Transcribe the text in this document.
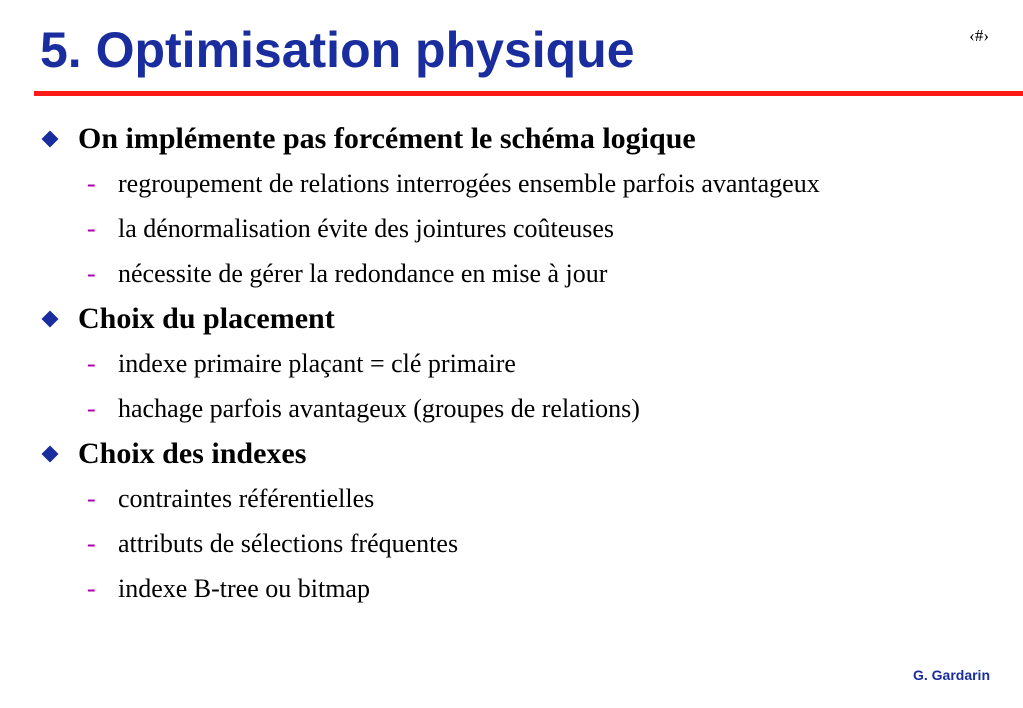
5. Optimisation physique	‹#›
On implémente pas forcément le schéma logique
- regroupement de relations interrogées ensemble parfois avantageux
- la dénormalisation évite des jointures coûteuses
- nécessite de gérer la redondance en mise à jour
Choix du placement
- indexe primaire plaçant = clé primaire
- hachage parfois avantageux (groupes de relations)
Choix des indexes
- contraintes référentielles
- attributs de sélections fréquentes
- indexe B-tree ou bitmap
G. Gardarin
